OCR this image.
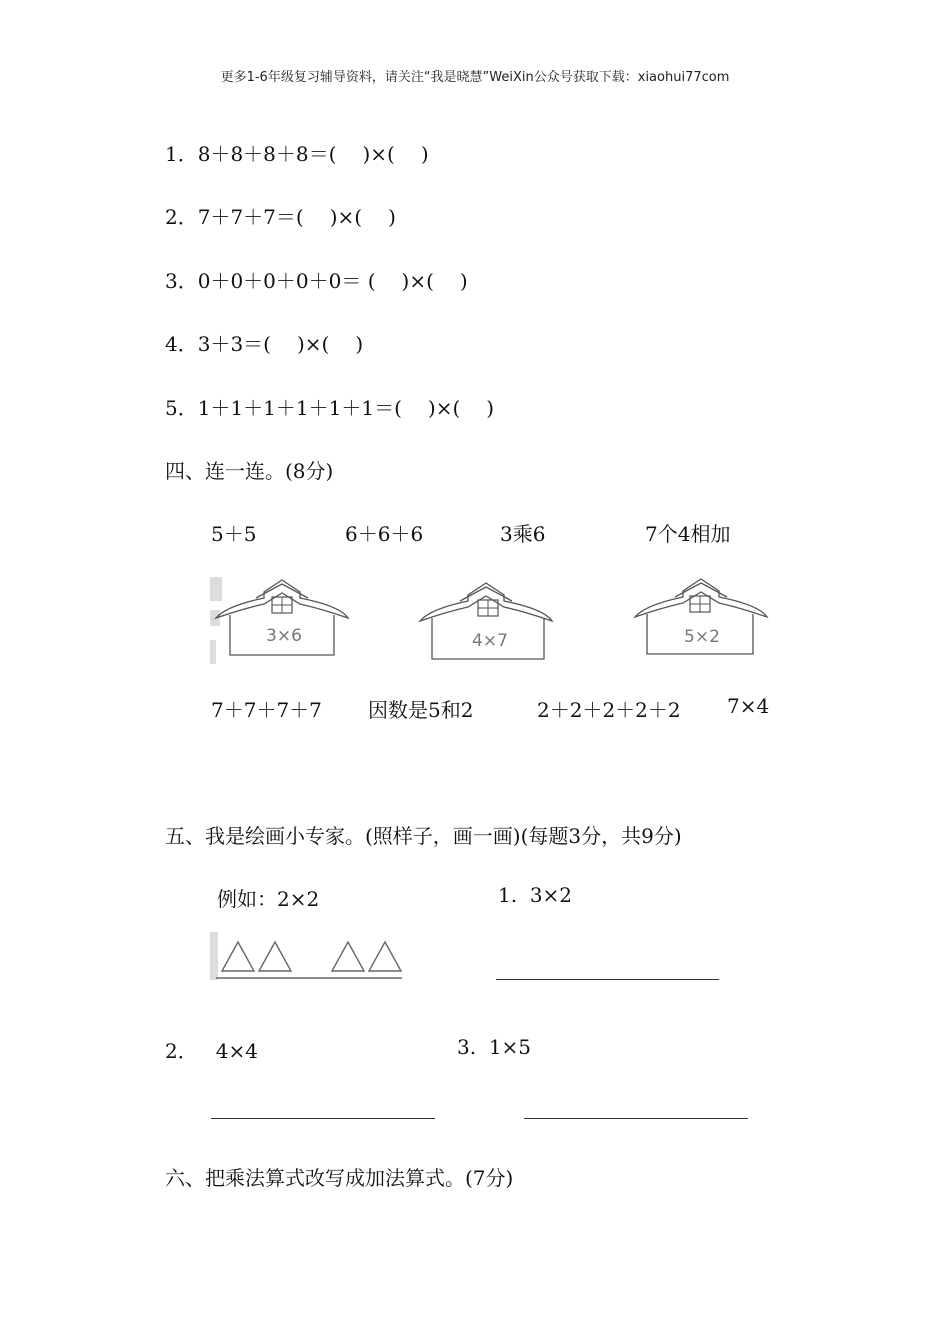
更多1-6年级复习辅导资料，请关注“我是晓慧”WeiXin公众号获取下载：xiaohui77com
1．8＋8＋8＋8＝( )×( )
2．7＋7＋7＝( )×( )
3．0＋0＋0＋0＋0＝ ( )×( )
4．3＋3＝( )×( )
5．1＋1＋1＋1＋1＋1＝( )×( )
四、连一连。(8分)
5＋5	6＋6＋6	3乘6	7个4相加
3×6	4×7	5×2
7＋7＋7＋7 因数是5和2	2＋2＋2＋2＋2 7×4
五、我是绘画小专家。(照样子，画一画)(每题3分，共9分)
例如：2×2	1. 3×2
2． 4×4	3. 1×5
六、把乘法算式改写成加法算式。(7分)
